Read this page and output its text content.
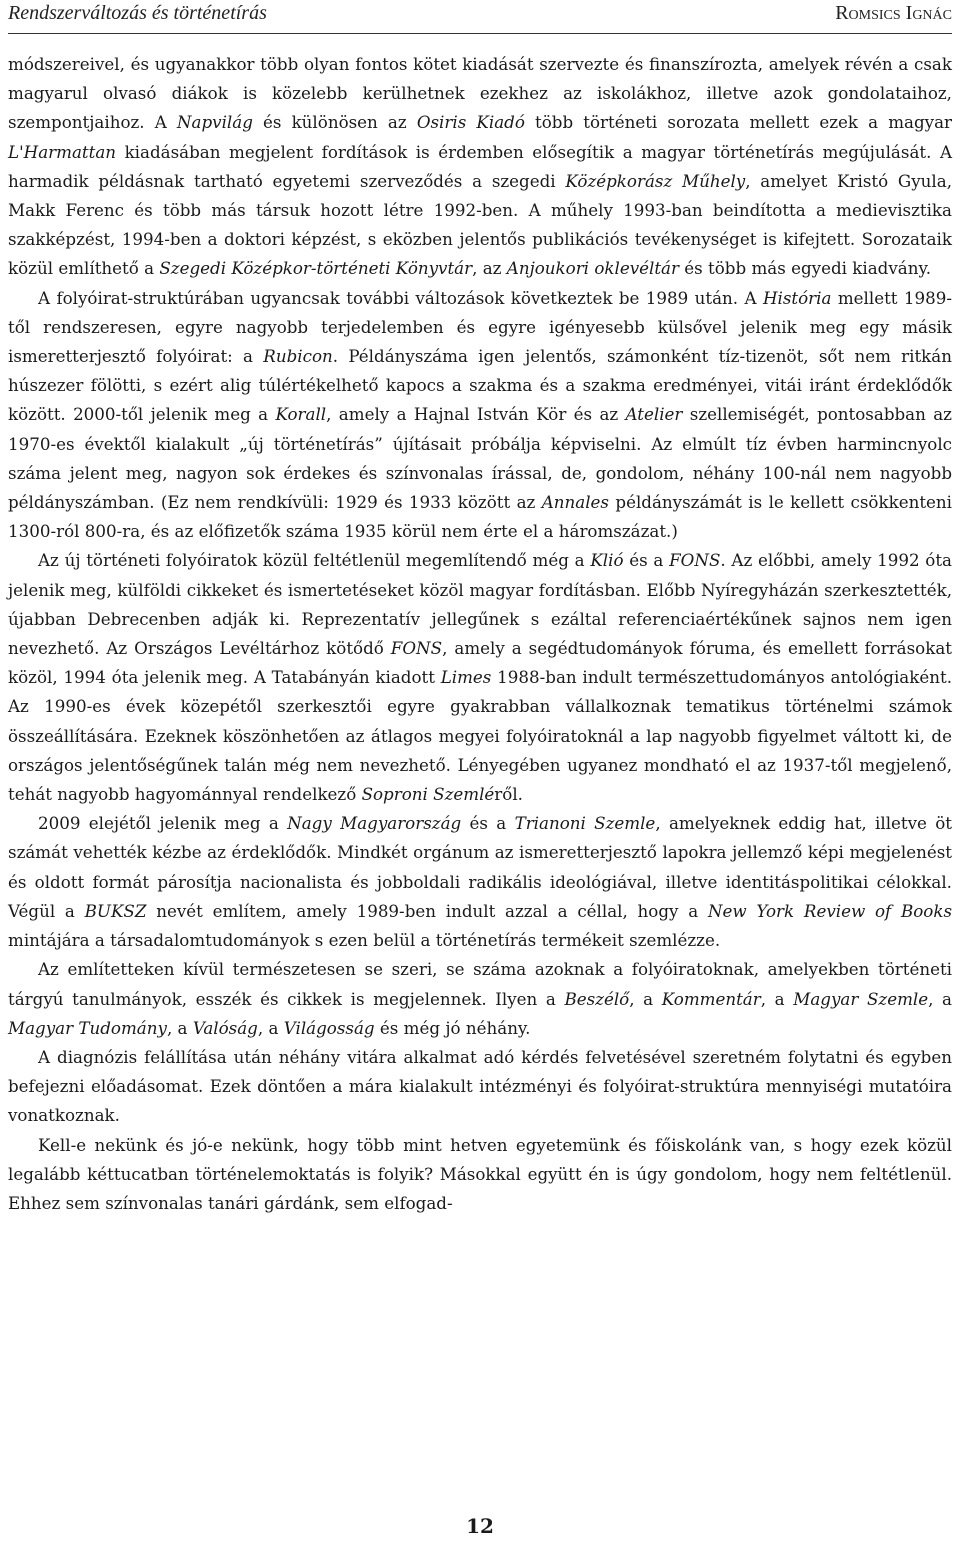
Rendszerváltozás és történetírás	Romsics Ignác

módszereivel, és ugyanakkor több olyan fontos kötet kiadását szervezte és finanszírozta, amelyek révén a csak magyarul olvasó diákok is közelebb kerülhetnek ezekhez az iskolákhoz, illetve azok gondolataihoz, szempontjaihoz. A Napvilág és különösen az Osiris Kiadó több történeti sorozata mellett ezek a magyar L'Harmattan kiadásában megjelent fordítások is érdemben elősegítik a magyar történetírás megújulását. A harmadik példásnak tartható egyetemi szerveződés a szegedi Középkorász Műhely, amelyet Kristó Gyula, Makk Ferenc és több más társuk hozott létre 1992-ben. A műhely 1993-ban beindította a medievisztika szakképzést, 1994-ben a doktori képzést, s eközben jelentős publikációs tevékenységet is kifejtett. Sorozataik közül említhető a Szegedi Középkor-történeti Könyvtár, az Anjoukori oklevéltár és több más egyedi kiadvány.

A folyóirat-struktúrában ugyancsak további változások következtek be 1989 után. A História mellett 1989-től rendszeresen, egyre nagyobb terjedelemben és egyre igényesebb külsővel jelenik meg egy másik ismeretterjesztő folyóirat: a Rubicon. Példányszáma igen jelentős, számonként tíz-tizenöt, sőt nem ritkán húszezer fölötti, s ezért alig túlértékelhető kapocs a szakma és a szakma eredményei, vitái iránt érdeklődők között. 2000-től jelenik meg a Korall, amely a Hajnal István Kör és az Atelier szellemiségét, pontosabban az 1970-es évektől kialakult „új történetírás” újításait próbálja képviselni. Az elmúlt tíz évben harmincnyolc száma jelent meg, nagyon sok érdekes és színvonalas írással, de, gondolom, néhány 100-nál nem nagyobb példányszámban. (Ez nem rendkívüli: 1929 és 1933 között az Annales példányszámát is le kellett csökkenteni 1300-ról 800-ra, és az előfizetők száma 1935 körül nem érte el a háromszázat.)

Az új történeti folyóiratok közül feltétlenül megemlítendő még a Klió és a FONS. Az előbbi, amely 1992 óta jelenik meg, külföldi cikkeket és ismertetéseket közöl magyar fordításban. Előbb Nyíregyházán szerkesztették, újabban Debrecenben adják ki. Reprezentatív jellegűnek s ezáltal referenciaértékűnek sajnos nem igen nevezhető. Az Országos Levéltárhoz kötődő FONS, amely a segédtudományok fóruma, és emellett forrásokat közöl, 1994 óta jelenik meg. A Tatabányán kiadott Limes 1988-ban indult természettudományos antológiaként. Az 1990-es évek közepétől szerkesztői egyre gyakrabban vállalkoznak tematikus történelmi számok összeállítására. Ezeknek köszönhetően az átlagos megyei folyóiratoknál a lap nagyobb figyelmet váltott ki, de országos jelentőségűnek talán még nem nevezhető. Lényegében ugyanez mondható el az 1937-től megjelenő, tehát nagyobb hagyománnyal rendelkező Soproni Szemléről.

2009 elejétől jelenik meg a Nagy Magyarország és a Trianoni Szemle, amelyeknek eddig hat, illetve öt számát vehették kézbe az érdeklődők. Mindkét orgánum az ismeretterjesztő lapokra jellemző képi megjelenést és oldott formát párosítja nacionalista és jobboldali radikális ideológiával, illetve identitáspolitikai célokkal. Végül a BUKSZ nevét említem, amely 1989-ben indult azzal a céllal, hogy a New York Review of Books mintájára a társadalomtudományok s ezen belül a történetírás termékeit szemlézze.

Az említetteken kívül természetesen se szeri, se száma azoknak a folyóiratoknak, amelyekben történeti tárgyú tanulmányok, esszék és cikkek is megjelennek. Ilyen a Beszélő, a Kommentár, a Magyar Szemle, a Magyar Tudomány, a Valóság, a Világosság és még jó néhány.

A diagnózis felállítása után néhány vitára alkalmat adó kérdés felvetésével szeretném folytatni és egyben befejezni előadásomat. Ezek döntően a mára kialakult intézményi és folyóirat-struktúra mennyiségi mutatóira vonatkoznak.

Kell-e nekünk és jó-e nekünk, hogy több mint hetven egyetemünk és főiskolánk van, s hogy ezek közül legalább kéttucatban történelemoktatás is folyik? Másokkal együtt én is úgy gondolom, hogy nem feltétlenül. Ehhez sem színvonalas tanári gárdánk, sem elfogad-

12
